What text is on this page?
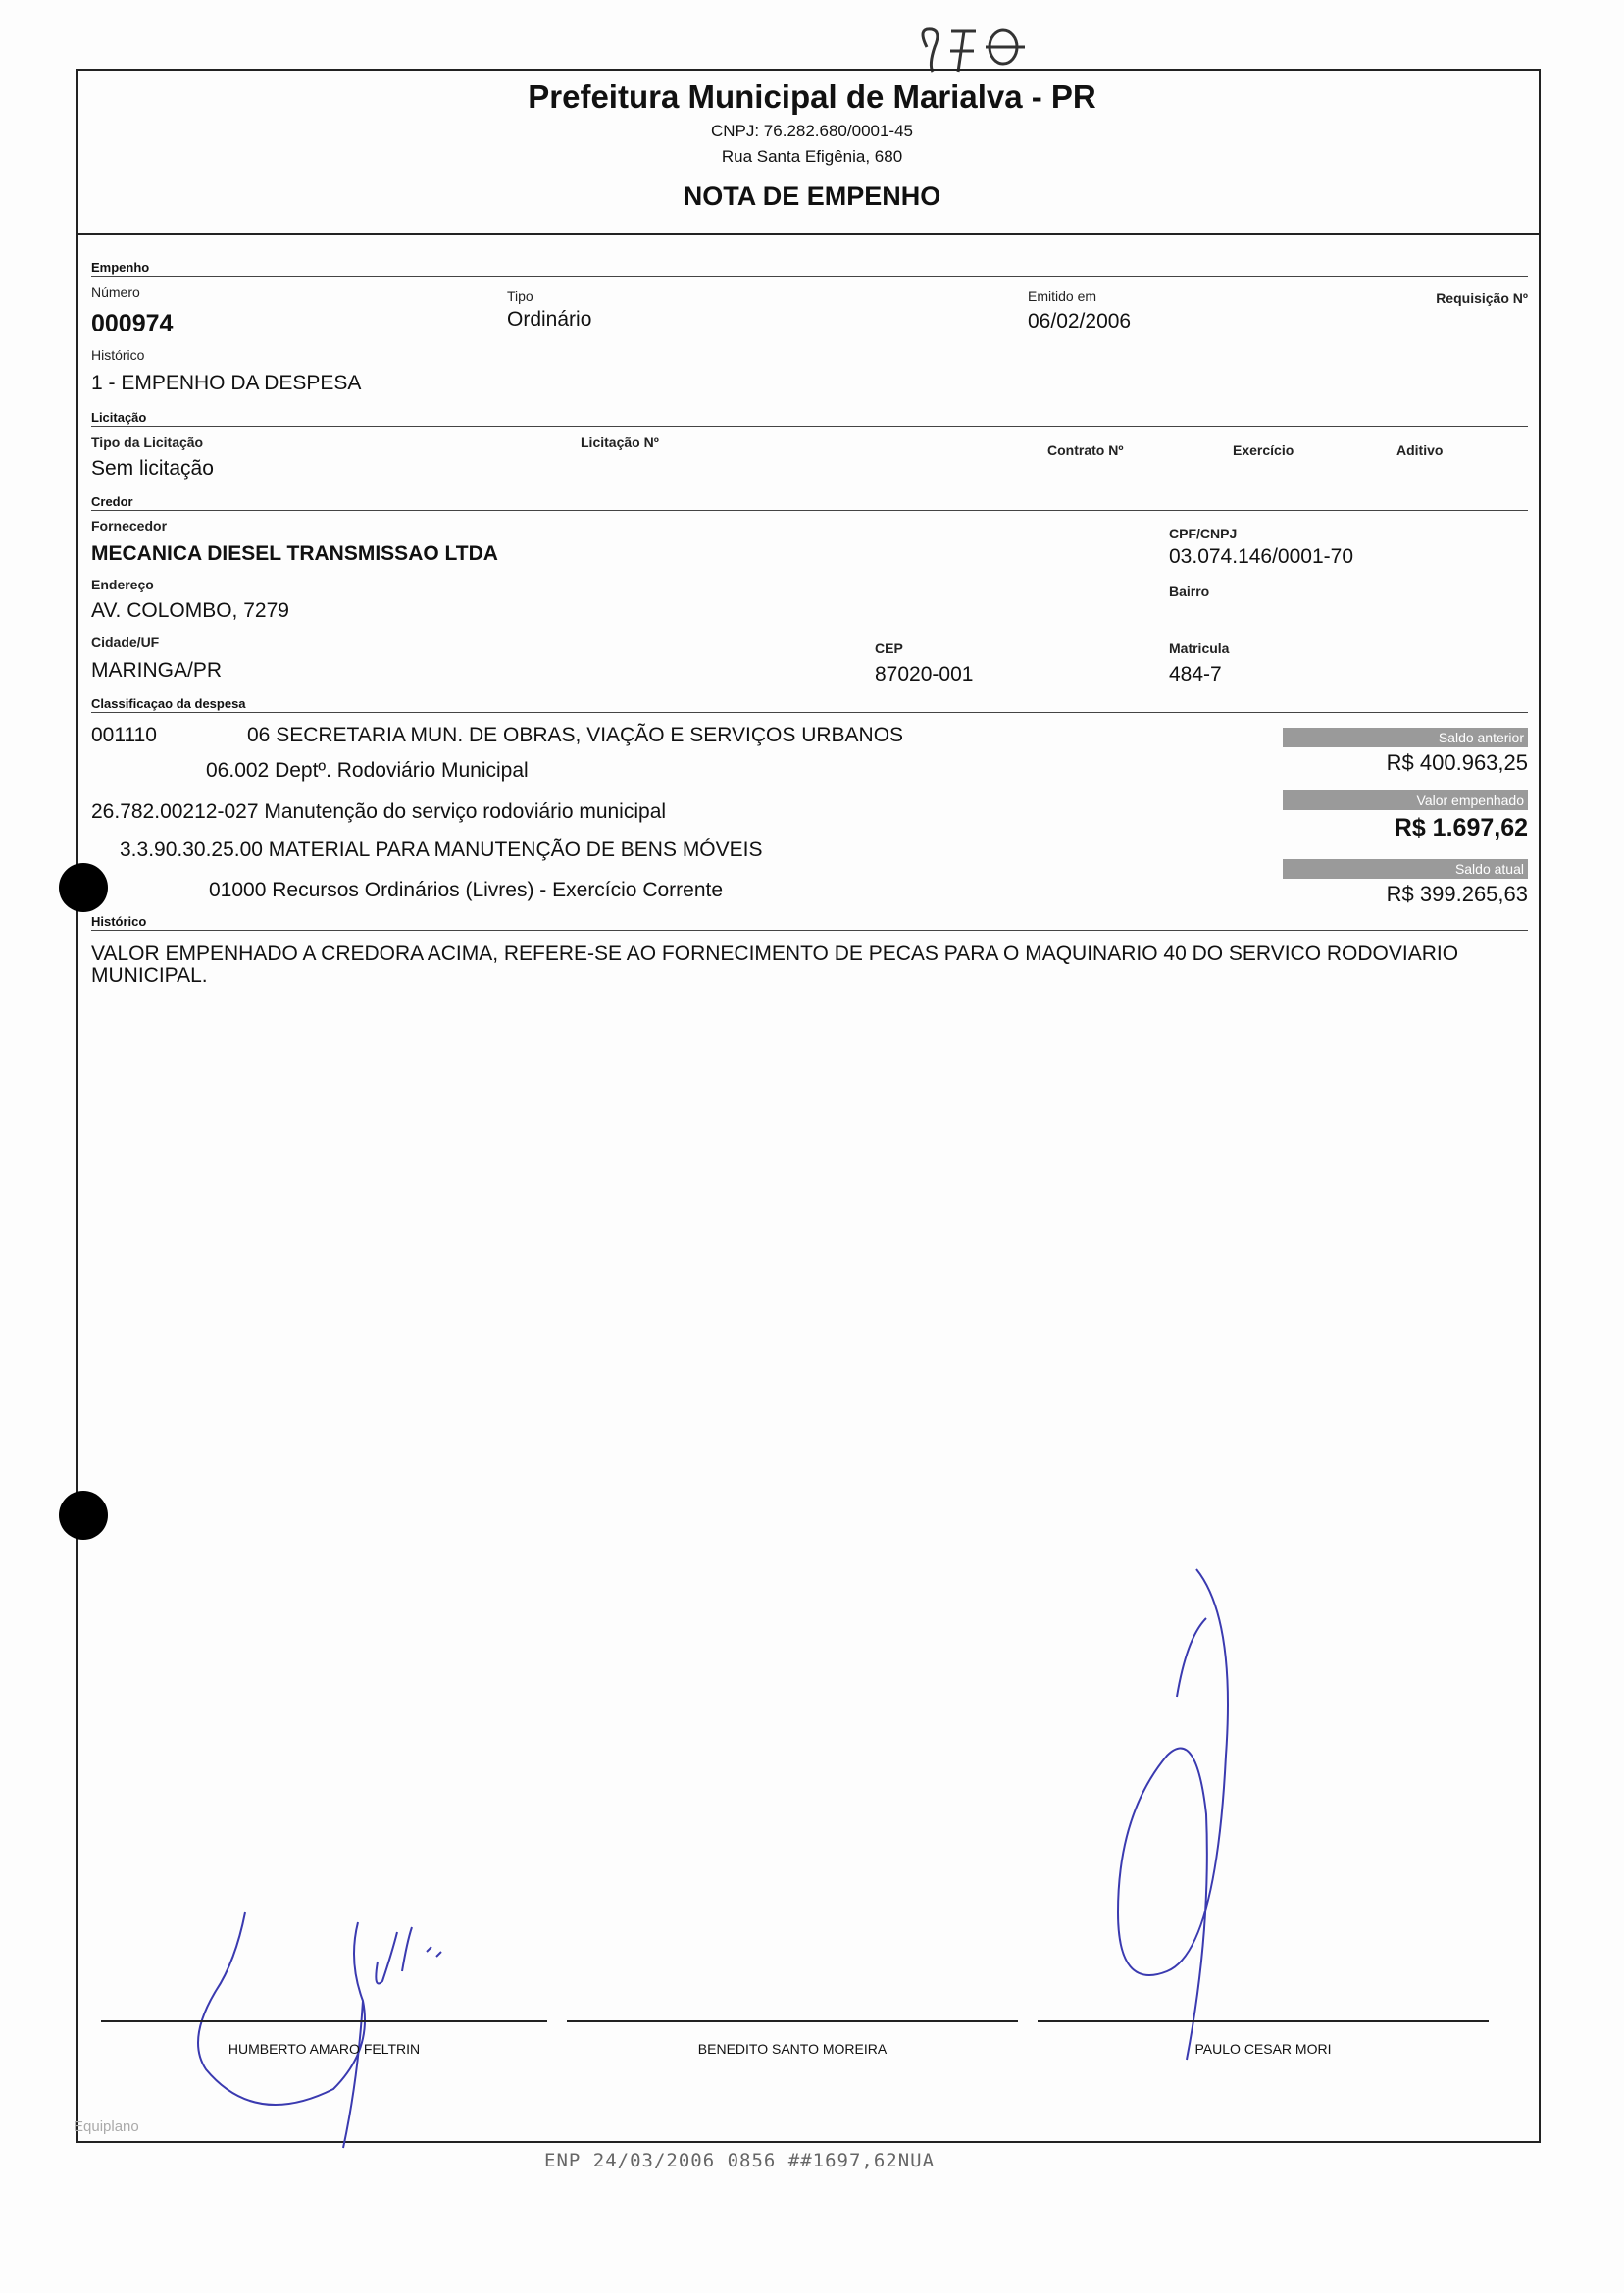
Prefeitura Municipal de Marialva - PR
CNPJ: 76.282.680/0001-45
Rua Santa Efigênia, 680
NOTA DE EMPENHO
Empenho
Número
000974
Tipo
Ordinário
Emitido em
06/02/2006
Requisição Nº
Histórico
1 - EMPENHO DA DESPESA
Licitação
Tipo da Licitação
Sem licitação
Licitação Nº	Contrato Nº	Exercício	Aditivo
Credor
Fornecedor
MECANICA DIESEL TRANSMISSAO LTDA
CPF/CNPJ
03.074.146/0001-70
Endereço
AV. COLOMBO, 7279
Bairro
Cidade/UF
MARINGA/PR
CEP
87020-001
Matricula
484-7
Classificaçao da despesa
001110	06 SECRETARIA MUN. DE OBRAS, VIAÇÃO E SERVIÇOS URBANOS
06.002 Deptº. Rodoviário Municipal
26.782.00212-027 Manutenção do serviço rodoviário municipal
3.3.90.30.25.00 MATERIAL PARA MANUTENÇÃO DE BENS MÓVEIS
01000 Recursos Ordinários (Livres) - Exercício Corrente
Saldo anterior
R$ 400.963,25
Valor empenhado
R$ 1.697,62
Saldo atual
R$ 399.265,63
Histórico
VALOR EMPENHADO A CREDORA ACIMA, REFERE-SE AO FORNECIMENTO DE PECAS PARA O MAQUINARIO 40 DO SERVICO RODOVIARIO MUNICIPAL.
HUMBERTO AMARO FELTRIN	BENEDITO SANTO MOREIRA	PAULO CESAR MORI
Equiplano
ENP 24/03/2006 0856 ##1697,62NUA
